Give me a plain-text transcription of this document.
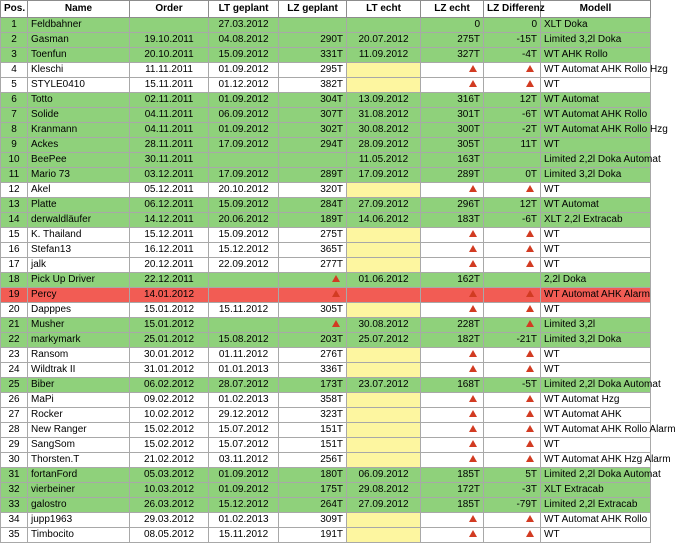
Pos.	Name	Order	LT geplant	LZ geplant	LT echt	LZ echt	LZ Differenz	Modell
1	Feldbahner		27.03.2012			0	0	XLT Doka
2	Gasman	19.10.2011	04.08.2012	290T	20.07.2012	275T	-15T	Limited 3,2l Doka
3	Toenfun	20.10.2011	15.09.2012	331T	11.09.2012	327T	-4T	WT AHK Rollo
4	Kleschi	11.11.2011	01.09.2012	295T				WT Automat AHK Rollo Hzg
5	STYLE0410	15.11.2011	01.12.2012	382T				WT
6	Totto	02.11.2011	01.09.2012	304T	13.09.2012	316T	12T	WT Automat
7	Solide	04.11.2011	06.09.2012	307T	31.08.2012	301T	-6T	WT Automat AHK Rollo
8	Kranmann	04.11.2011	01.09.2012	302T	30.08.2012	300T	-2T	WT Automat AHK Rollo Hzg
9	Ackes	28.11.2011	17.09.2012	294T	28.09.2012	305T	11T	WT
10	BeePee	30.11.2011			11.05.2012	163T		Limited 2,2l Doka Automat
11	Mario 73	03.12.2011	17.09.2012	289T	17.09.2012	289T	0T	Limited 3,2l Doka
12	Akel	05.12.2011	20.10.2012	320T				WT
13	Platte	06.12.2011	15.09.2012	284T	27.09.2012	296T	12T	WT Automat
14	derwaldläufer	14.12.2011	20.06.2012	189T	14.06.2012	183T	-6T	XLT 2,2l Extracab
15	K. Thailand	15.12.2011	15.09.2012	275T				WT
16	Stefan13	16.12.2011	15.12.2012	365T				WT
17	jalk	20.12.2011	22.09.2012	277T				WT
18	Pick Up Driver	22.12.2011			01.06.2012	162T		2,2l Doka
19	Percy	14.01.2012						WT Automat AHK Alarm
20	Dapppes	15.01.2012	15.11.2012	305T				WT
21	Musher	15.01.2012			30.08.2012	228T		Limited 3,2l
22	markymark	25.01.2012	15.08.2012	203T	25.07.2012	182T	-21T	Limited 3,2l Doka
23	Ransom	30.01.2012	01.11.2012	276T				WT
24	Wildtrak II	31.01.2012	01.01.2013	336T				WT
25	Biber	06.02.2012	28.07.2012	173T	23.07.2012	168T	-5T	Limited 2,2l Doka Automat
26	MaPi	09.02.2012	01.02.2013	358T				WT Automat Hzg
27	Rocker	10.02.2012	29.12.2012	323T				WT Automat AHK
28	New Ranger	15.02.2012	15.07.2012	151T				WT Automat AHK Rollo Alarm
29	SangSom	15.02.2012	15.07.2012	151T				WT
30	Thorsten.T	21.02.2012	03.11.2012	256T				WT Automat AHK Hzg Alarm
31	fortanFord	05.03.2012	01.09.2012	180T	06.09.2012	185T	5T	Limited 2,2l Doka Automat
32	vierbeiner	10.03.2012	01.09.2012	175T	29.08.2012	172T	-3T	XLT Extracab
33	galostro	26.03.2012	15.12.2012	264T	27.09.2012	185T	-79T	Limited 2,2l Extracab
34	jupp1963	29.03.2012	01.02.2013	309T				WT Automat AHK Rollo
35	Timbocito	08.05.2012	15.11.2012	191T				WT
